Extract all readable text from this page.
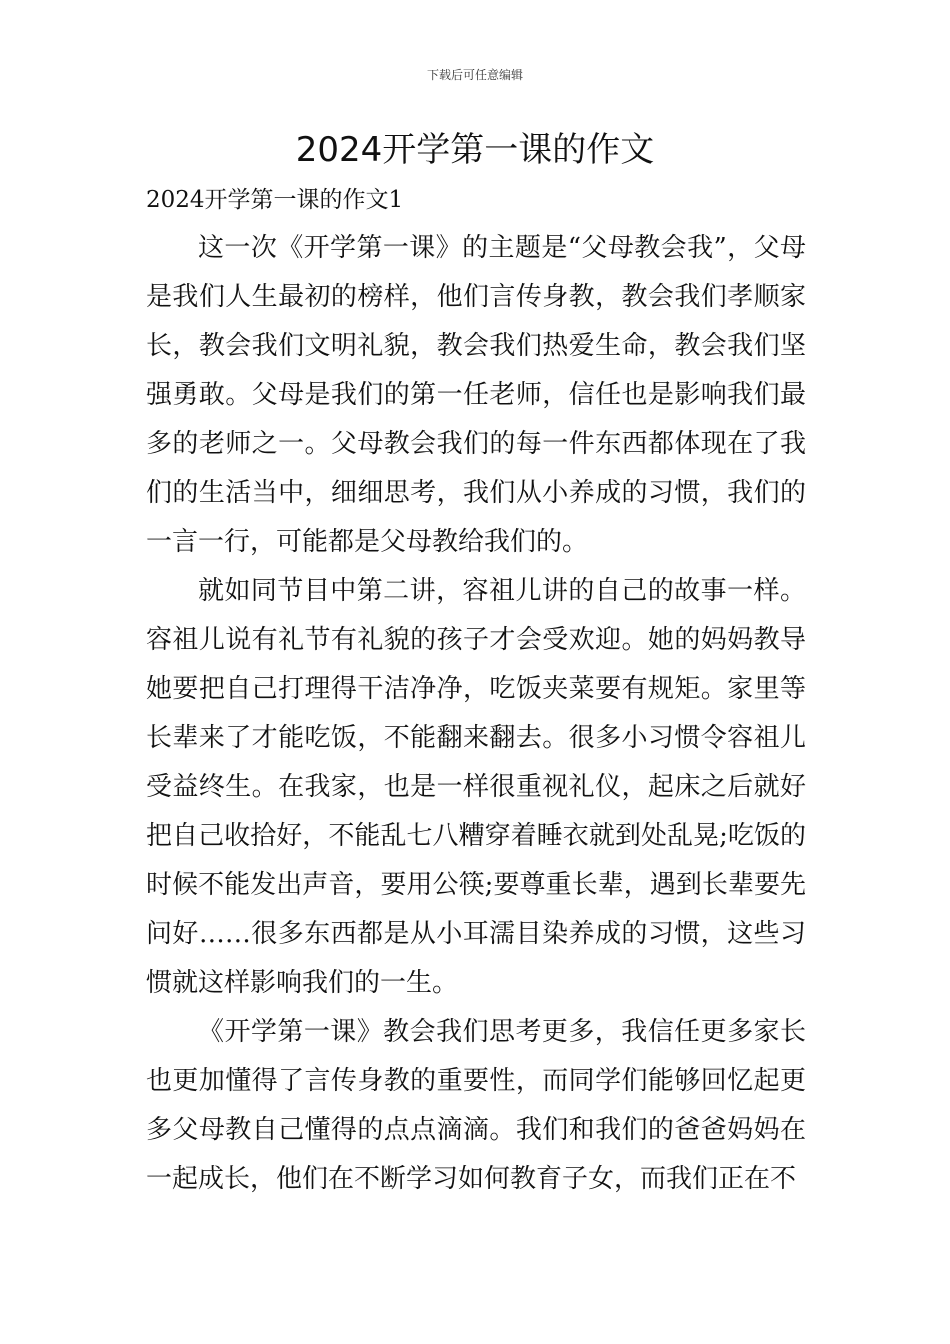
下载后可任意编辑
2024开学第一课的作文
2024开学第一课的作文1

这一次《开学第一课》的主题是“父母教会我”，父母是我们人生最初的榜样，他们言传身教，教会我们孝顺家长，教会我们文明礼貌，教会我们热爱生命，教会我们坚强勇敢。父母是我们的第一任老师，信任也是影响我们最多的老师之一。父母教会我们的每一件东西都体现在了我们的生活当中，细细思考，我们从小养成的习惯，我们的一言一行，可能都是父母教给我们的。

就如同节目中第二讲，容祖儿讲的自己的故事一样。容祖儿说有礼节有礼貌的孩子才会受欢迎。她的妈妈教导她要把自己打理得干洁净净，吃饭夹菜要有规矩。家里等长辈来了才能吃饭，不能翻来翻去。很多小习惯令容祖儿受益终生。在我家，也是一样很重视礼仪，起床之后就好把自己收拾好，不能乱七八糟穿着睡衣就到处乱晃;吃饭的时候不能发出声音，要用公筷;要尊重长辈，遇到长辈要先问好……很多东西都是从小耳濡目染养成的习惯，这些习惯就这样影响我们的一生。

《开学第一课》教会我们思考更多，我信任更多家长也更加懂得了言传身教的重要性，而同学们能够回忆起更多父母教自己懂得的点点滴滴。我们和我们的爸爸妈妈在一起成长，他们在不断学习如何教育子女，而我们正在不
